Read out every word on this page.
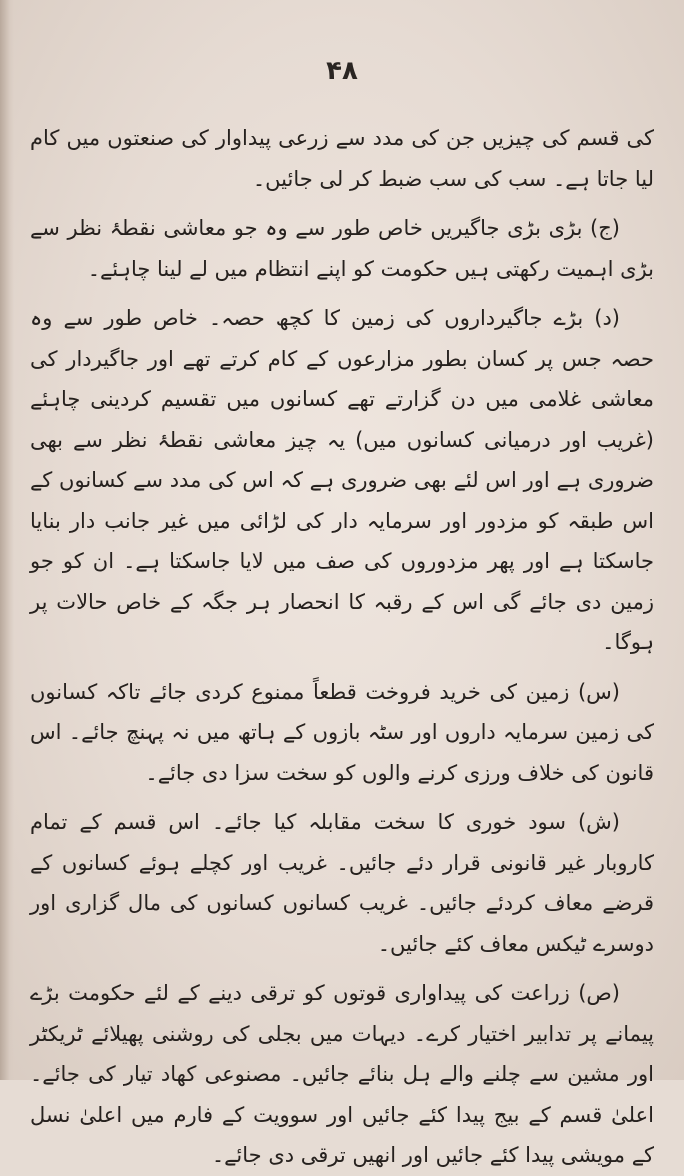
۴۸

کی قسم کی چیزیں جن کی مدد سے زرعی پیداوار کی صنعتوں میں کام لیا جاتا ہے۔ سب کی سب ضبط کر لی جائیں۔

(ج) بڑی بڑی جاگیریں خاص طور سے وہ جو معاشی نقطۂ نظر سے بڑی اہمیت رکھتی ہیں حکومت کو اپنے انتظام میں لے لینا چاہئے۔

(د) بڑے جاگیرداروں کی زمین کا کچھ حصہ۔ خاص طور سے وہ حصہ جس پر کسان بطور مزارعوں کے کام کرتے تھے اور جاگیردار کی معاشی غلامی میں دن گزارتے تھے کسانوں میں تقسیم کردینی چاہئے (غریب اور درمیانی کسانوں میں) یہ چیز معاشی نقطۂ نظر سے بھی ضروری ہے اور اس لئے بھی ضروری ہے کہ اس کی مدد سے کسانوں کے اس طبقہ کو مزدور اور سرمایہ دار کی لڑائی میں غیر جانب دار بنایا جاسکتا ہے اور پھر مزدوروں کی صف میں لایا جاسکتا ہے۔ ان کو جو زمین دی جائے گی اس کے رقبہ کا انحصار ہر جگہ کے خاص حالات پر ہوگا۔

(س) زمین کی خرید فروخت قطعاً ممنوع کردی جائے تاکہ کسانوں کی زمین سرمایہ داروں اور سٹہ بازوں کے ہاتھ میں نہ پہنچ جائے۔ اس قانون کی خلاف ورزی کرنے والوں کو سخت سزا دی جائے۔

(ش) سود خوری کا سخت مقابلہ کیا جائے۔ اس قسم کے تمام کاروبار غیر قانونی قرار دئے جائیں۔ غریب اور کچلے ہوئے کسانوں کے قرضے معاف کردئے جائیں۔ غریب کسانوں کسانوں کی مال گزاری اور دوسرے ٹیکس معاف کئے جائیں۔

(ص) زراعت کی پیداواری قوتوں کو ترقی دینے کے لئے حکومت بڑے پیمانے پر تدابیر اختیار کرے۔ دیہات میں بجلی کی روشنی پھیلائے ٹریکٹر اور مشین سے چلنے والے ہل بنائے جائیں۔ مصنوعی کھاد تیار کی جائے۔ اعلیٰ قسم کے بیج پیدا کئے جائیں اور سوویت کے فارم میں اعلیٰ نسل کے مویشی پیدا کئے جائیں اور انھیں ترقی دی جائے۔
